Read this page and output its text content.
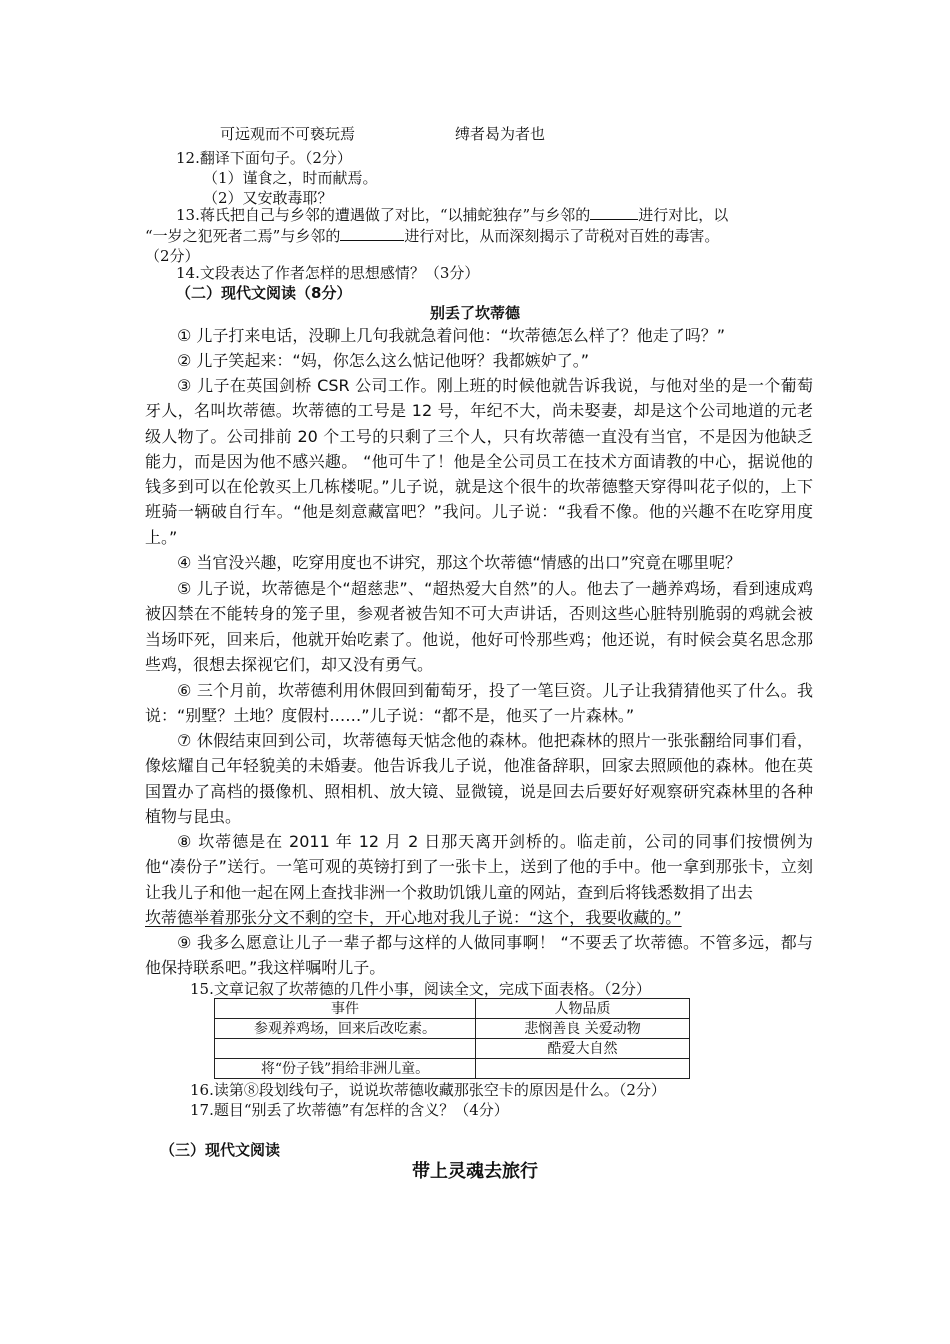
可远观而不可亵玩焉	缚者曷为者也
12.翻译下面句子。（2分）
（1）谨食之，时而献焉。
（2）又安敢毒耶？
13.蒋氏把自己与乡邻的遭遇做了对比，“以捕蛇独存”与乡邻的	进行对比，以
“一岁之犯死者二焉”与乡邻的	进行对比，从而深刻揭示了苛税对百姓的毒害。
（2分）
14.文段表达了作者怎样的思想感情？（3分）
（二）现代文阅读（8分）
别丢了坎蒂德

① 儿子打来电话，没聊上几句我就急着问他：“坎蒂德怎么样了？他走了吗？”

② 儿子笑起来：“妈，你怎么这么惦记他呀？我都嫉妒了。”

③ 儿子在英国剑桥 CSR 公司工作。刚上班的时候他就告诉我说，与他对坐的是一个葡萄牙人，名叫坎蒂德。坎蒂德的工号是 12 号，年纪不大，尚未娶妻，却是这个公司地道的元老级人物了。公司排前 20 个工号的只剩了三个人，只有坎蒂德一直没有当官，不是因为他缺乏能力，而是因为他不感兴趣。 “他可牛了！他是全公司员工在技术方面请教的中心，据说他的钱多到可以在伦敦买上几栋楼呢。”儿子说，就是这个很牛的坎蒂德整天穿得叫花子似的，上下班骑一辆破自行车。“他是刻意藏富吧？”我问。儿子说：“我看不像。他的兴趣不在吃穿用度上。”

④ 当官没兴趣，吃穿用度也不讲究，那这个坎蒂德“情感的出口”究竟在哪里呢？

⑤ 儿子说，坎蒂德是个“超慈悲”、“超热爱大自然”的人。他去了一趟养鸡场，看到速成鸡被囚禁在不能转身的笼子里，参观者被告知不可大声讲话，否则这些心脏特别脆弱的鸡就会被当场吓死，回来后，他就开始吃素了。他说，他好可怜那些鸡；他还说，有时候会莫名思念那些鸡，很想去探视它们，却又没有勇气。

⑥ 三个月前，坎蒂德利用休假回到葡萄牙，投了一笔巨资。儿子让我猜猜他买了什么。我说：“别墅？土地？度假村……”儿子说：“都不是，他买了一片森林。”

⑦ 休假结束回到公司，坎蒂德每天惦念他的森林。他把森林的照片一张张翻给同事们看，像炫耀自己年轻貌美的未婚妻。他告诉我儿子说，他准备辞职，回家去照顾他的森林。他在英国置办了高档的摄像机、照相机、放大镜、显微镜，说是回去后要好好观察研究森林里的各种植物与昆虫。

⑧ 坎蒂德是在 2011 年 12 月 2 日那天离开剑桥的。临走前，公司的同事们按惯例为他“凑份子”送行。一笔可观的英镑打到了一张卡上，送到了他的手中。他一拿到那张卡，立刻让我儿子和他一起在网上查找非洲一个救助饥饿儿童的网站，查到后将钱悉数捐了出去

坎蒂德举着那张分文不剩的空卡，开心地对我儿子说：“这个，我要收藏的。”

⑨ 我多么愿意让儿子一辈子都与这样的人做同事啊！ “不要丢了坎蒂德。不管多远，都与他保持联系吧。”我这样嘱咐儿子。

15.文章记叙了坎蒂德的几件小事，阅读全文，完成下面表格。（2分）
事件	人物品质
参观养鸡场，回来后改吃素。	悲悯善良 关爱动物
	酷爱大自然
将“份子钱”捐给非洲儿童。	
16.读第⑧段划线句子，说说坎蒂德收藏那张空卡的原因是什么。（2分）
17.题目“别丢了坎蒂德”有怎样的含义？（4分）
（三）现代文阅读
带上灵魂去旅行
